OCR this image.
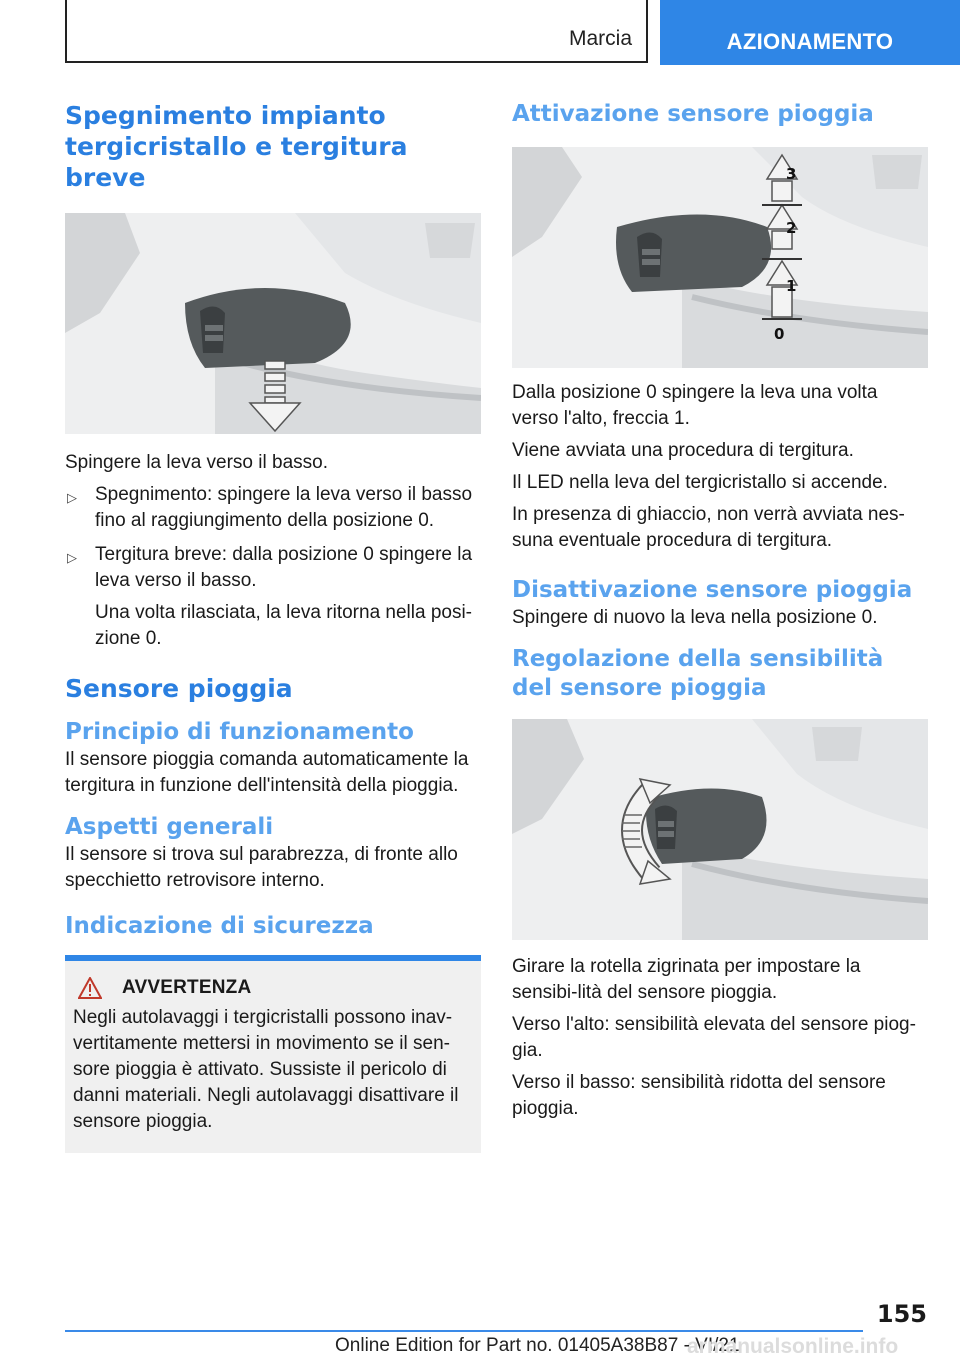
Marcia	AZIONAMENTO
Spegnimento impianto tergicristallo e tergitura breve

Spingere la leva verso il basso.

▷ Spegnimento: spingere la leva verso il basso fino al raggiungimento della posizione 0.
▷ Tergitura breve: dalla posizione 0 spingere la leva verso il basso.

Una volta rilasciata, la leva ritorna nella posi-zione 0.

Sensore pioggia
Principio di funzionamento

Il sensore pioggia comanda automaticamente la tergitura in funzione dell'intensità della pioggia.

Aspetti generali

Il sensore si trova sul parabrezza, di fronte allo specchietto retrovisore interno.

Indicazione di sicurezza
AVVERTENZA

Negli autolavaggi i tergicristalli possono inav-vertitamente mettersi in movimento se il sen-sore pioggia è attivato. Sussiste il pericolo di danni materiali. Negli autolavaggi disattivare il sensore pioggia.

Attivazione sensore pioggia
3
2
1
0

Dalla posizione 0 spingere la leva una volta verso l'alto, freccia 1.

Viene avviata una procedura di tergitura.

Il LED nella leva del tergicristallo si accende.

In presenza di ghiaccio, non verrà avviata nes-suna eventuale procedura di tergitura.

Disattivazione sensore pioggia

Spingere di nuovo la leva nella posizione 0.

Regolazione della sensibilità del sensore pioggia

Girare la rotella zigrinata per impostare la sensibi-lità del sensore pioggia.

Verso l'alto: sensibilità elevata del sensore piog-gia.

Verso il basso: sensibilità ridotta del sensore pioggia.

155
Online Edition for Part no. 01405A38B87 - VI/21
armanualsonline.info
